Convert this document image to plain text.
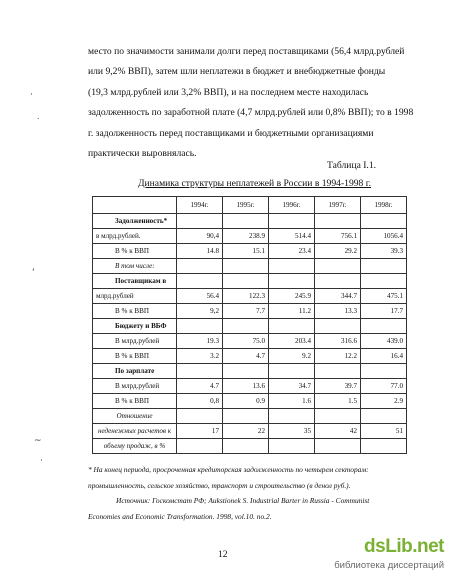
место по значимости занимали долги перед поставщиками (56,4 млрд.рублей

или 9,2% ВВП), затем шли неплатежи в бюджет и внебюджетные фонды

(19,3 млрд.рублей или 3,2% ВВП), и на последнем месте находилась

задолженность по заработной плате (4,7 млрд.рублей или 0,8% ВВП); то в 1998

г. задолженность перед поставщиками и бюджетными организациями

практически выровнялась.

Таблица I.1.
Динамика структуры неплатежей в России в 1994-1998 г.
	1994г.	1995г.	1996г.	1997г.	1998г.
Задолженность*					
в млрд.рублей.	90,4	238.9	514.4	756.1	1056.4
В % к ВВП	14.8	15.1	23.4	29.2	39.3
В том числе:					
Поставщикам в					
млрд.рублей	56.4	122.3	245.9	344.7	475.1
В % к ВВП	9,2	7.7	11.2	13.3	17.7
Бюджету и ВБФ					
В млрд.рублей	19.3	75.0	203.4	316.6	439.0
В % к ВВП	3.2	4.7	9.2	12.2	16.4
По зарплате					
В млрд.рублей	4.7	13.6	34.7	39.7	77.0
В % к ВВП	0,8	0.9	1.6	1.5	2.9
Отношение					
неденежных расчетов к	17	22	35	42	51
объему продаж, в %					

* На конец периода, просроченная кредиторская задолженность по четырем секторам:

промышленность, сельское хозяйство, транспорт и строительство (в денол руб.).

Источник: Госкомстат РФ; Aukstionek S. Industrial Barter in Russia - Communist

Economies and Economic Transformation. 1998, vol.10. no.2.

12
·
˙
ʻ
~
·
dsLib.net
библиотека диссертаций
